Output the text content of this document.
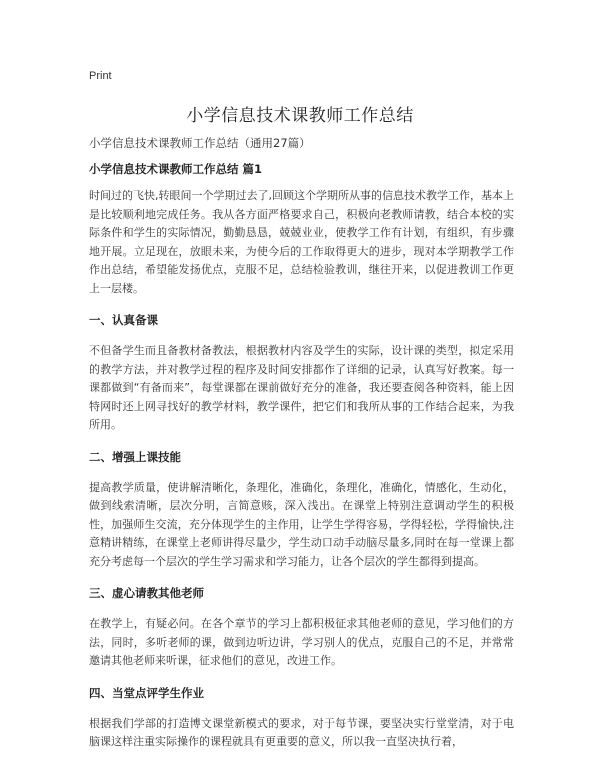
Print
小学信息技术课教师工作总结
小学信息技术课教师工作总结（通用27篇）
小学信息技术课教师工作总结 篇1

时间过的飞快,转眼间一个学期过去了,回顾这个学期所从事的信息技术教学工作，基本上是比较顺利地完成任务。我从各方面严格要求自己，积极向老教师请教，结合本校的实际条件和学生的实际情况，勤勤恳恳，兢兢业业，使教学工作有计划，有组织，有步骤地开展。立足现在，放眼未来，为使今后的工作取得更大的进步，现对本学期教学工作作出总结，希望能发扬优点，克服不足，总结检验教训，继往开来，以促进教训工作更上一层楼。

一、认真备课

不但备学生而且备教材备教法，根据教材内容及学生的实际，设计课的类型，拟定采用的教学方法，并对教学过程的程序及时间安排都作了详细的记录，认真写好教案。每一课都做到“有备而来”，每堂课都在课前做好充分的准备，我还要查阅各种资料，能上因特网时还上网寻找好的教学材料，教学课件，把它们和我所从事的工作结合起来，为我所用。

二、增强上课技能

提高教学质量，使讲解清晰化，条理化，准确化，条理化，准确化，情感化，生动化，做到线索清晰，层次分明，言简意赅，深入浅出。在课堂上特别注意调动学生的积极性，加强师生交流，充分体现学生的主作用，让学生学得容易，学得轻松，学得愉快,注意精讲精练，在课堂上老师讲得尽量少，学生动口动手动脑尽量多,同时在每一堂课上都充分考虑每一个层次的学生学习需求和学习能力，让各个层次的学生都得到提高。

三、虚心请教其他老师

在教学上，有疑必问。在各个章节的学习上都积极征求其他老师的意见，学习他们的方法，同时，多听老师的课，做到边听边讲，学习别人的优点，克服自己的不足，并常常邀请其他老师来听课，征求他们的意见，改进工作。

四、当堂点评学生作业

根据我们学部的打造博文课堂新模式的要求，对于每节课，要坚决实行堂堂清，对于电脑课这样注重实际操作的课程就具有更重要的意义，所以我一直坚决执行着，
